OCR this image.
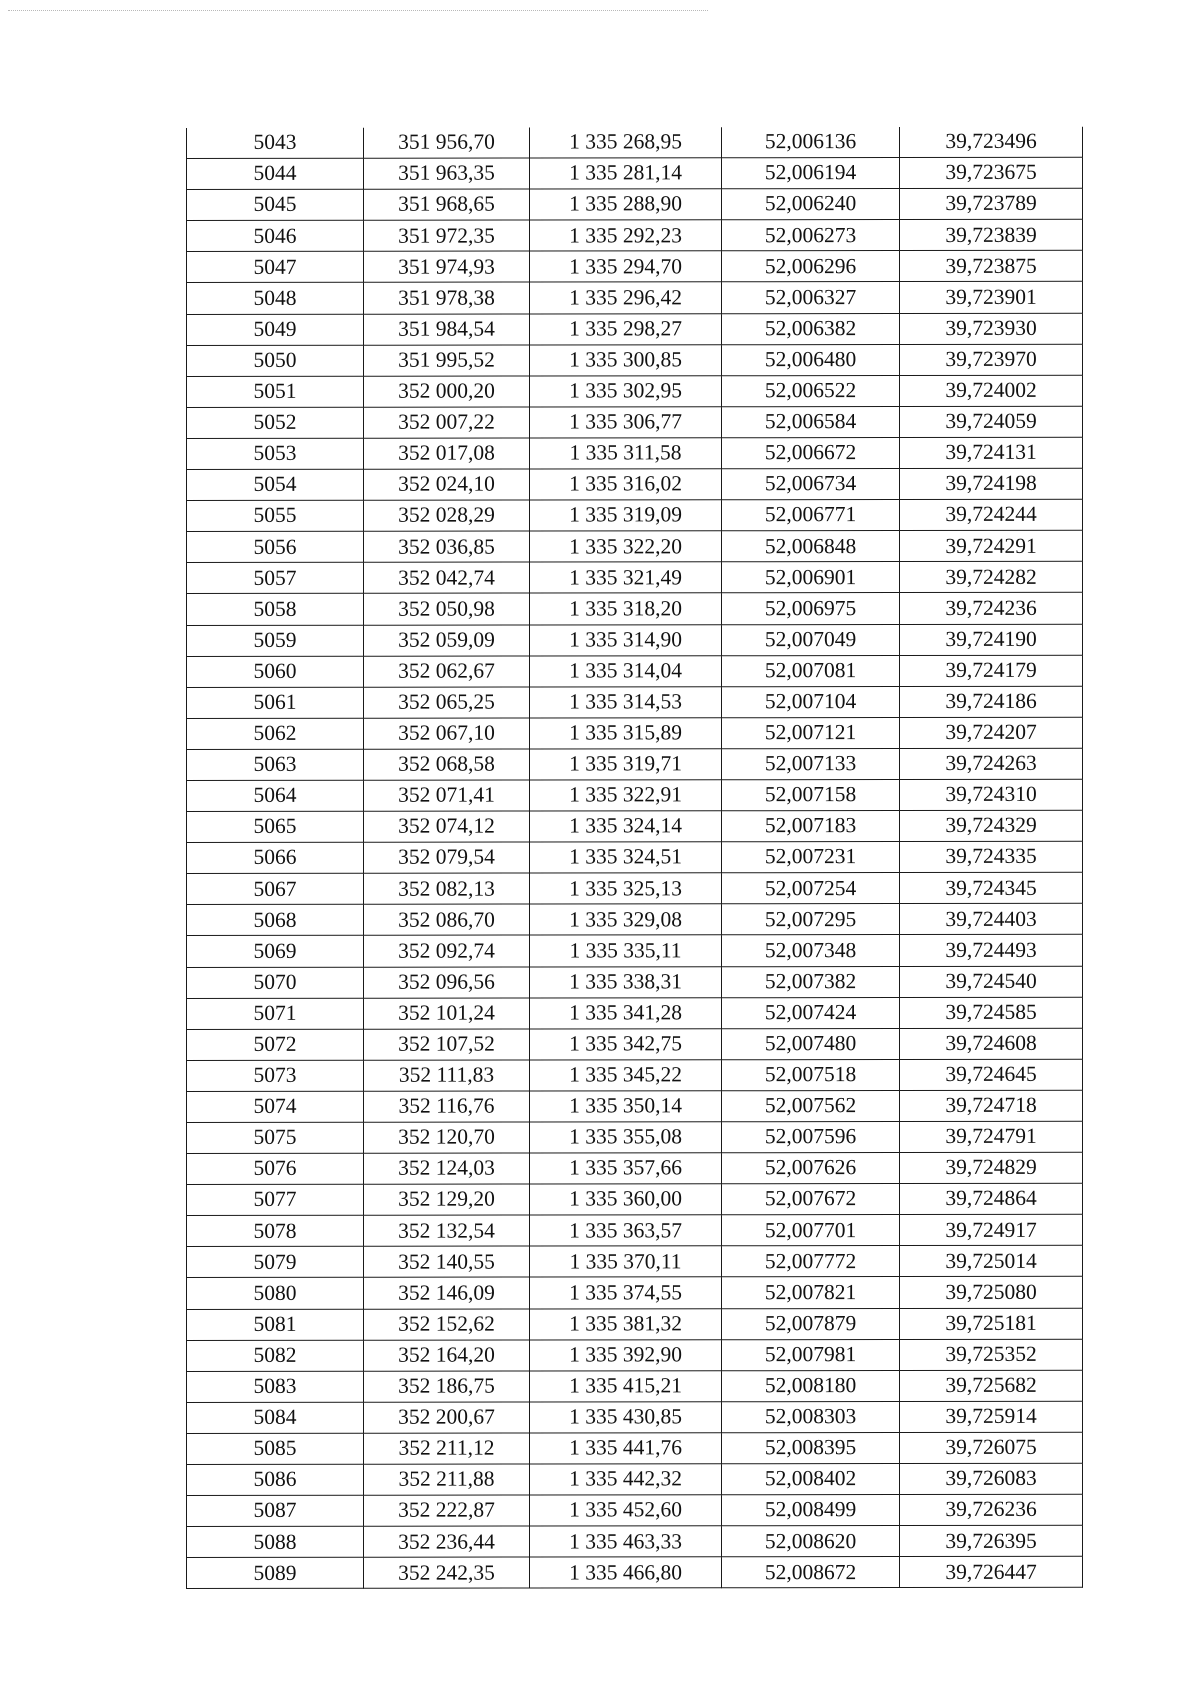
5043	351 956,70	1 335 268,95	52,006136	39,723496
5044	351 963,35	1 335 281,14	52,006194	39,723675
5045	351 968,65	1 335 288,90	52,006240	39,723789
5046	351 972,35	1 335 292,23	52,006273	39,723839
5047	351 974,93	1 335 294,70	52,006296	39,723875
5048	351 978,38	1 335 296,42	52,006327	39,723901
5049	351 984,54	1 335 298,27	52,006382	39,723930
5050	351 995,52	1 335 300,85	52,006480	39,723970
5051	352 000,20	1 335 302,95	52,006522	39,724002
5052	352 007,22	1 335 306,77	52,006584	39,724059
5053	352 017,08	1 335 311,58	52,006672	39,724131
5054	352 024,10	1 335 316,02	52,006734	39,724198
5055	352 028,29	1 335 319,09	52,006771	39,724244
5056	352 036,85	1 335 322,20	52,006848	39,724291
5057	352 042,74	1 335 321,49	52,006901	39,724282
5058	352 050,98	1 335 318,20	52,006975	39,724236
5059	352 059,09	1 335 314,90	52,007049	39,724190
5060	352 062,67	1 335 314,04	52,007081	39,724179
5061	352 065,25	1 335 314,53	52,007104	39,724186
5062	352 067,10	1 335 315,89	52,007121	39,724207
5063	352 068,58	1 335 319,71	52,007133	39,724263
5064	352 071,41	1 335 322,91	52,007158	39,724310
5065	352 074,12	1 335 324,14	52,007183	39,724329
5066	352 079,54	1 335 324,51	52,007231	39,724335
5067	352 082,13	1 335 325,13	52,007254	39,724345
5068	352 086,70	1 335 329,08	52,007295	39,724403
5069	352 092,74	1 335 335,11	52,007348	39,724493
5070	352 096,56	1 335 338,31	52,007382	39,724540
5071	352 101,24	1 335 341,28	52,007424	39,724585
5072	352 107,52	1 335 342,75	52,007480	39,724608
5073	352 111,83	1 335 345,22	52,007518	39,724645
5074	352 116,76	1 335 350,14	52,007562	39,724718
5075	352 120,70	1 335 355,08	52,007596	39,724791
5076	352 124,03	1 335 357,66	52,007626	39,724829
5077	352 129,20	1 335 360,00	52,007672	39,724864
5078	352 132,54	1 335 363,57	52,007701	39,724917
5079	352 140,55	1 335 370,11	52,007772	39,725014
5080	352 146,09	1 335 374,55	52,007821	39,725080
5081	352 152,62	1 335 381,32	52,007879	39,725181
5082	352 164,20	1 335 392,90	52,007981	39,725352
5083	352 186,75	1 335 415,21	52,008180	39,725682
5084	352 200,67	1 335 430,85	52,008303	39,725914
5085	352 211,12	1 335 441,76	52,008395	39,726075
5086	352 211,88	1 335 442,32	52,008402	39,726083
5087	352 222,87	1 335 452,60	52,008499	39,726236
5088	352 236,44	1 335 463,33	52,008620	39,726395
5089	352 242,35	1 335 466,80	52,008672	39,726447
